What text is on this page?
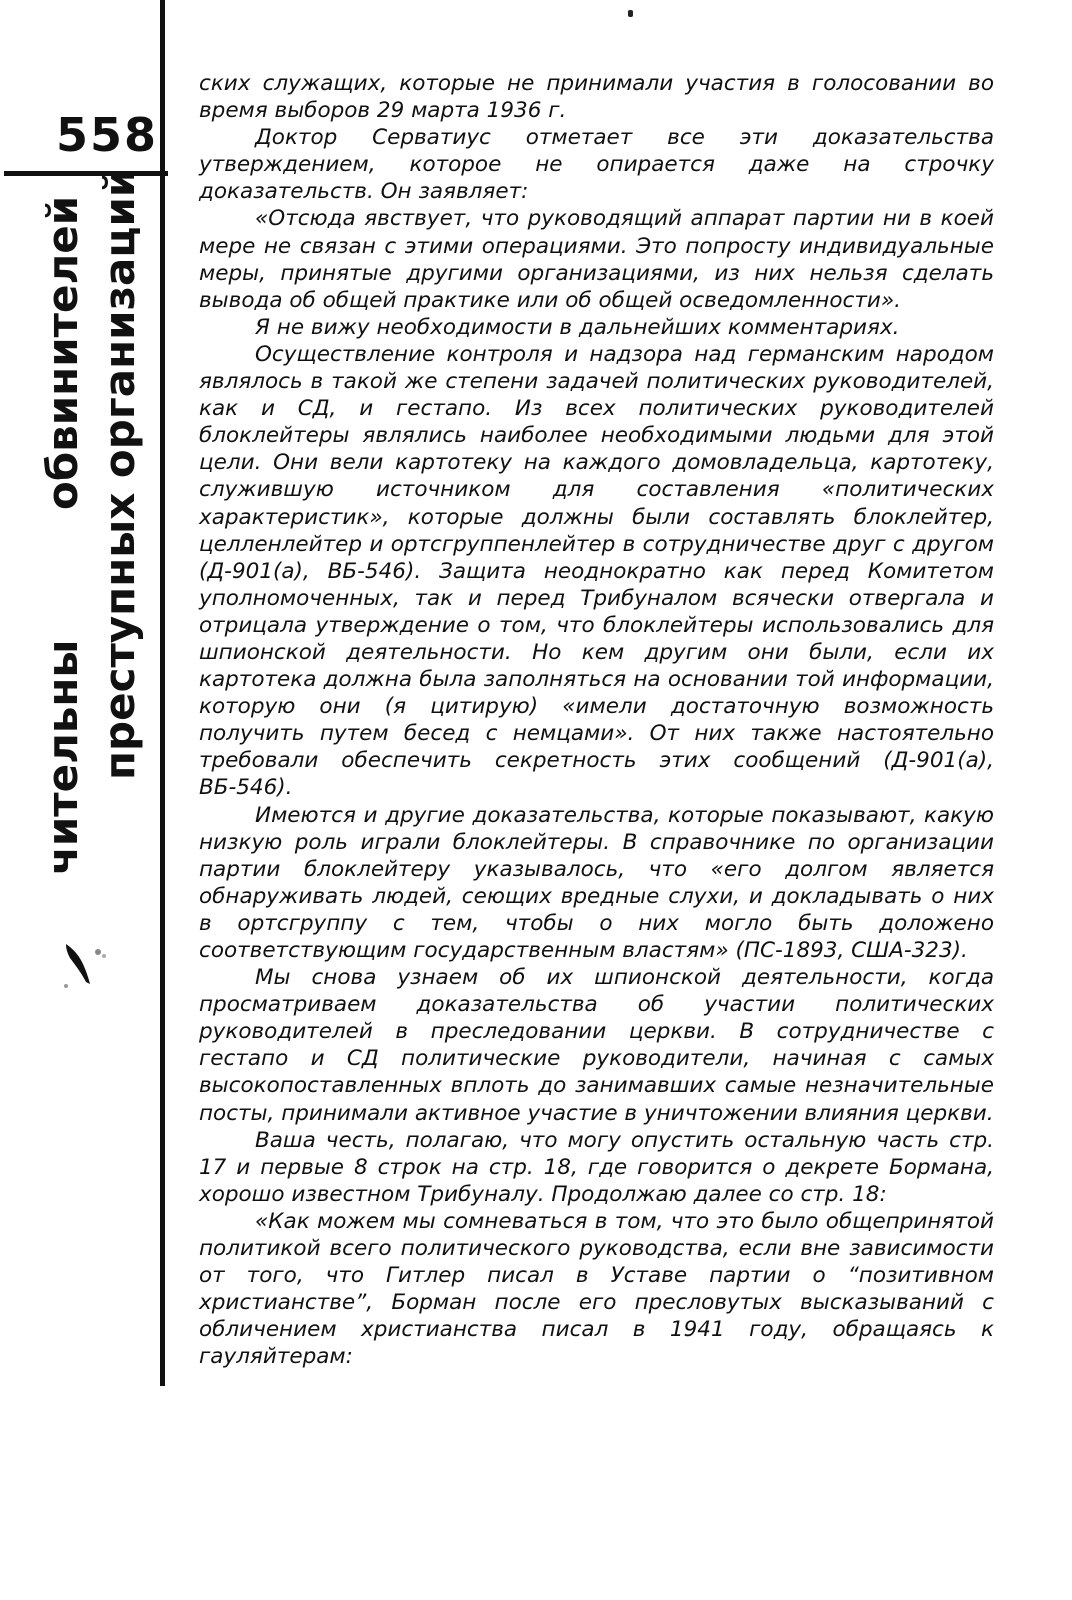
558
чительны
обвинителей преступных организаций

ских служащих, которые не принимали участия в голосовании во время выборов 29 марта 1936 г.

Доктор Серватиус отметает все эти доказательства утверждением, которое не опирается даже на строчку доказательств. Он заявляет:

«Отсюда явствует, что руководящий аппарат партии ни в коей мере не связан с этими операциями. Это попросту индивидуальные меры, принятые другими организациями, из них нельзя сделать вывода об общей практике или об общей осведомленности».

Я не вижу необходимости в дальнейших комментариях.

Осуществление контроля и надзора над германским народом являлось в такой же степени задачей политических руководителей, как и СД, и гестапо. Из всех политических руководителей блоклейтеры являлись наиболее необходимыми людьми для этой цели. Они вели картотеку на каждого домовладельца, картотеку, служившую источником для составления «политических характеристик», которые должны были составлять блоклейтер, целленлейтер и ортсгруппенлейтер в сотрудничестве друг с другом (Д-901(а), ВБ-546). Защита неоднократно как перед Комитетом уполномоченных, так и перед Трибуналом всячески отвергала и отрицала утверждение о том, что блоклейтеры использовались для шпионской деятельности. Но кем другим они были, если их картотека должна была заполняться на основании той информации, которую они (я цитирую) «имели достаточную возможность получить путем бесед с немцами». От них также настоятельно требовали обеспечить секретность этих сообщений (Д-901(а), ВБ-546).

Имеются и другие доказательства, которые показывают, какую низкую роль играли блоклейтеры. В справочнике по организации партии блоклейтеру указывалось, что «его долгом является обнаруживать людей, сеющих вредные слухи, и докладывать о них в ортсгруппу с тем, чтобы о них могло быть доложено соответствующим государственным властям» (ПС-1893, США-323).

Мы снова узнаем об их шпионской деятельности, когда просматриваем доказательства об участии политических руководителей в преследовании церкви. В сотрудничестве с гестапо и СД политические руководители, начиная с самых высокопоставленных вплоть до занимавших самые незначительные посты, принимали активное участие в уничтожении влияния церкви.

Ваша честь, полагаю, что могу опустить остальную часть стр. 17 и первые 8 строк на стр. 18, где говорится о декрете Бормана, хорошо известном Трибуналу. Продолжаю далее со стр. 18:

«Как можем мы сомневаться в том, что это было общепринятой политикой всего политического руководства, если вне зависимости от того, что Гитлер писал в Уставе партии о “позитивном христианстве”, Борман после его пресловутых высказываний с обличением христианства писал в 1941 году, обращаясь к гауляйтерам:
